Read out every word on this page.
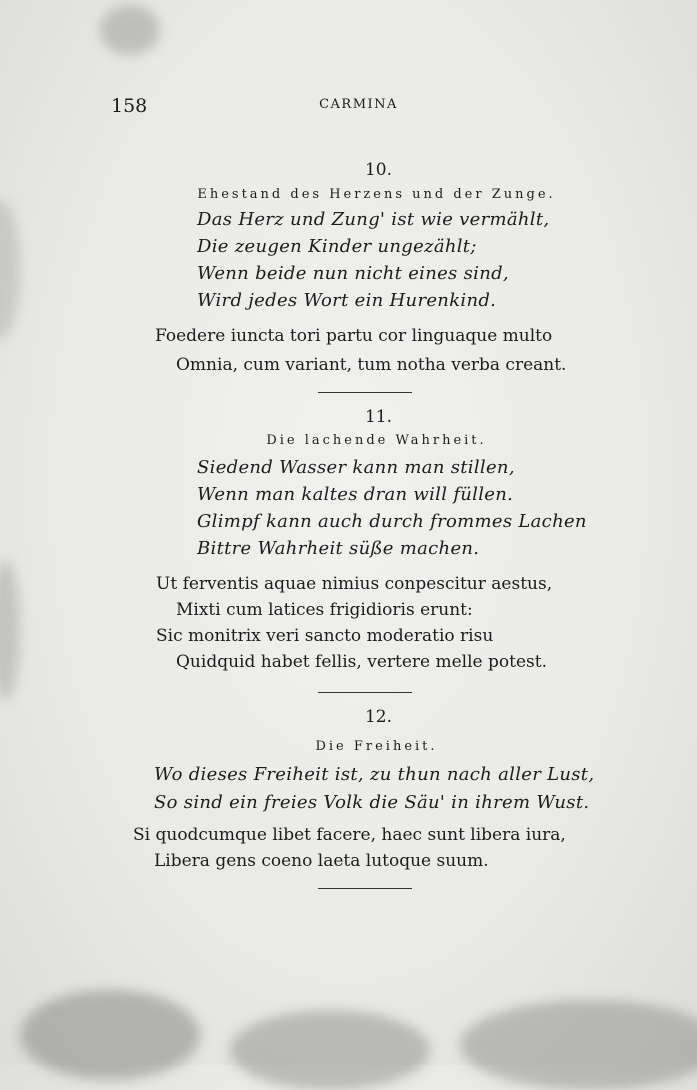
158	CARMINA
10.
Ehestand des Herzens und der Zunge.
Das Herz und Zung' ist wie vermählt,
Die zeugen Kinder ungezählt;
Wenn beide nun nicht eines sind,
Wird jedes Wort ein Hurenkind.
Foedere iuncta tori partu cor linguaque multo
Omnia, cum variant, tum notha verba creant.
11.
Die lachende Wahrheit.
Siedend Wasser kann man stillen,
Wenn man kaltes dran will füllen.
Glimpf kann auch durch frommes Lachen
Bittre Wahrheit süße machen.
Ut ferventis aquae nimius conpescitur aestus,
Mixti cum latices frigidioris erunt:
Sic monitrix veri sancto moderatio risu
Quidquid habet fellis, vertere melle potest.
12.
Die Freiheit.
Wo dieses Freiheit ist, zu thun nach aller Lust,
So sind ein freies Volk die Säu' in ihrem Wust.
Si quodcumque libet facere, haec sunt libera iura,
Libera gens coeno laeta lutoque suum.
